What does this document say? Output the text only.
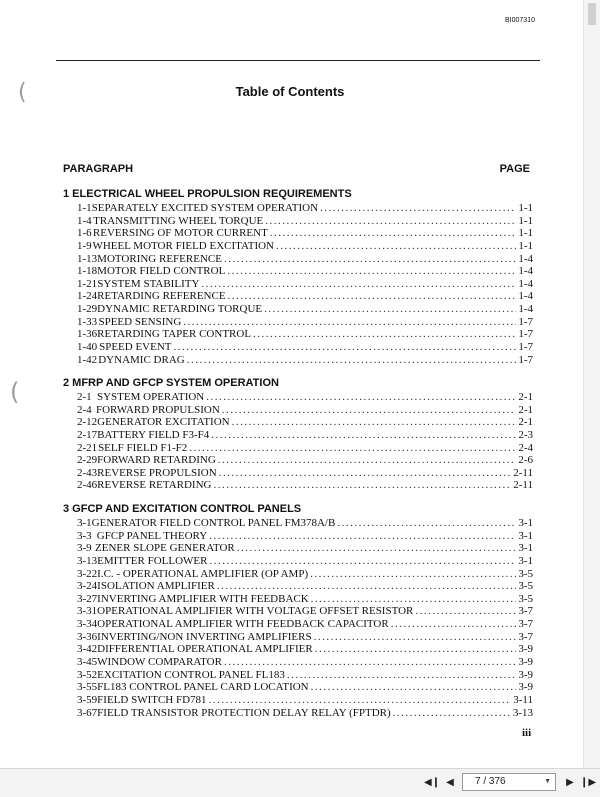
BI007310
(
(
Table of Contents
PARAGRAPH	PAGE
1 ELECTRICAL WHEEL PROPULSION REQUIREMENTS
1-1 SEPARATELY EXCITED SYSTEM OPERATION .....	1-1
1-4 TRANSMITTING WHEEL TORQUE .....	1-1
1-6 REVERSING OF MOTOR CURRENT .....	1-1
1-9 WHEEL MOTOR FIELD EXCITATION .....	1-1
1-13 MOTORING REFERENCE .....	1-4
1-18 MOTOR FIELD CONTROL .....	1-4
1-21 SYSTEM STABILITY .....	1-4
1-24 RETARDING REFERENCE .....	1-4
1-29 DYNAMIC RETARDING TORQUE .....	1-4
1-33 SPEED SENSING .....	1-7
1-36 RETARDING TAPER CONTROL .....	1-7
1-40 SPEED EVENT .....	1-7
1-42 DYNAMIC DRAG .....	1-7
2 MFRP AND GFCP SYSTEM OPERATION
2-1 SYSTEM OPERATION .....	2-1
2-4 FORWARD PROPULSION .....	2-1
2-12 GENERATOR EXCITATION .....	2-1
2-17 BATTERY FIELD F3-F4 .....	2-3
2-21 SELF FIELD F1-F2 .....	2-4
2-29 FORWARD RETARDING .....	2-6
2-43 REVERSE PROPULSION .....	2-11
2-46 REVERSE RETARDING .....	2-11
3 GFCP AND EXCITATION CONTROL PANELS
3-1 GENERATOR FIELD CONTROL PANEL FM378A/B .....	3-1
3-3 GFCP PANEL THEORY .....	3-1
3-9 ZENER SLOPE GENERATOR .....	3-1
3-13 EMITTER FOLLOWER .....	3-1
3-22 I.C. - OPERATIONAL AMPLIFIER (OP AMP) .....	3-5
3-24 ISOLATION AMPLIFIER .....	3-5
3-27 INVERTING AMPLIFIER WITH FEEDBACK .....	3-5
3-31 OPERATIONAL AMPLIFIER WITH VOLTAGE OFFSET RESISTOR .....	3-7
3-34 OPERATIONAL AMPLIFIER WITH FEEDBACK CAPACITOR .....	3-7
3-36 INVERTING/NON INVERTING AMPLIFIERS .....	3-7
3-42 DIFFERENTIAL OPERATIONAL AMPLIFIER .....	3-9
3-45 WINDOW COMPARATOR .....	3-9
3-52 EXCITATION CONTROL PANEL FL183 .....	3-9
3-55 FL183 CONTROL PANEL CARD LOCATION .....	3-9
3-59 FIELD SWITCH FD781 .....	3-11
3-67 FIELD TRANSISTOR PROTECTION DELAY RELAY (FPTDR) .....	3-13
iii
◀❙ ◀	7 / 376	▼	▶ ❙▶
